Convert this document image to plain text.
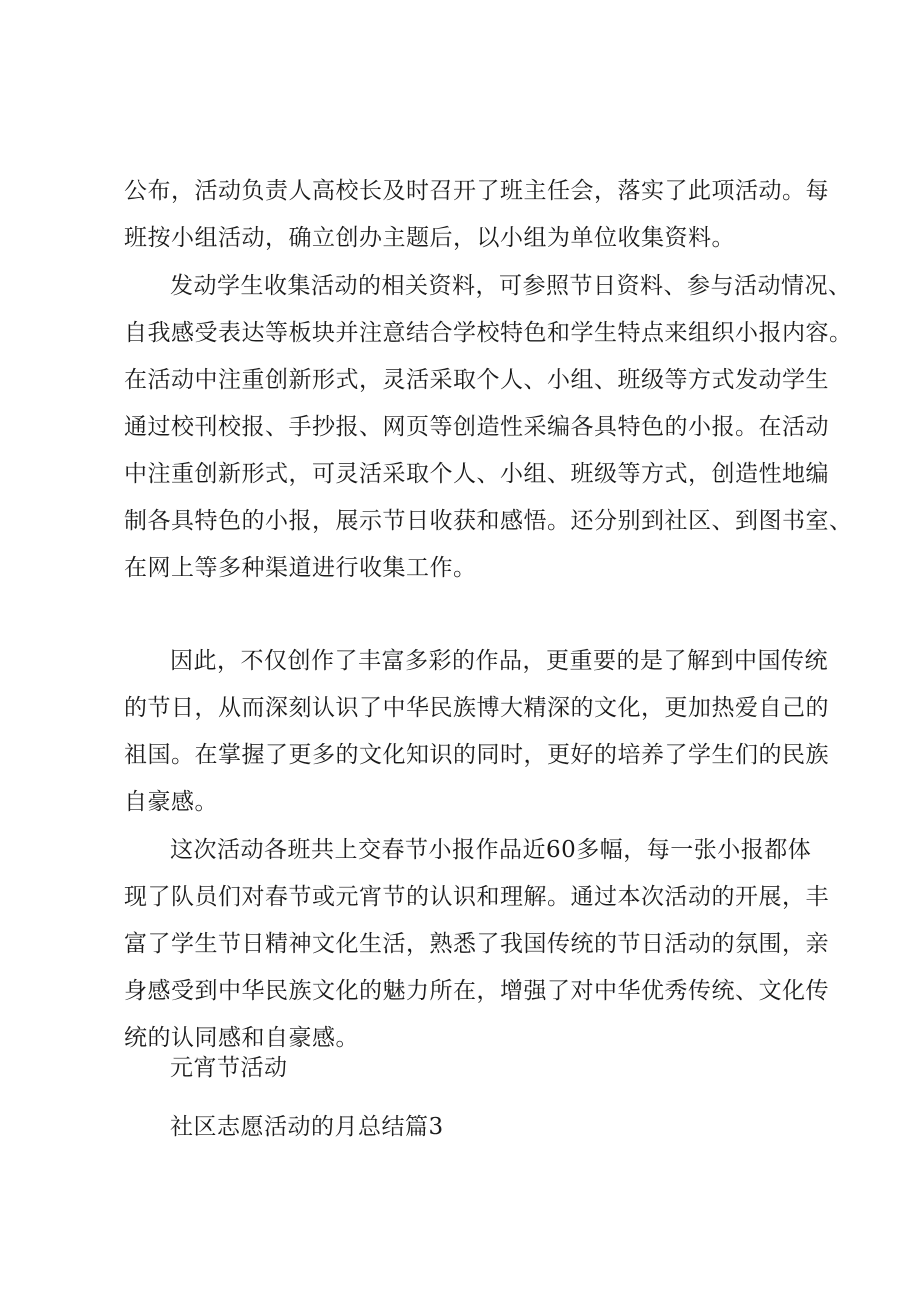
公布，活动负责人高校长及时召开了班主任会，落实了此项活动。每
班按小组活动，确立创办主题后，以小组为单位收集资料。
发动学生收集活动的相关资料，可参照节日资料、参与活动情况、
自我感受表达等板块并注意结合学校特色和学生特点来组织小报内容。
在活动中注重创新形式，灵活采取个人、小组、班级等方式发动学生
通过校刊校报、手抄报、网页等创造性采编各具特色的小报。在活动
中注重创新形式，可灵活采取个人、小组、班级等方式，创造性地编
制各具特色的小报，展示节日收获和感悟。还分别到社区、到图书室、
在网上等多种渠道进行收集工作。
因此，不仅创作了丰富多彩的作品，更重要的是了解到中国传统
的节日，从而深刻认识了中华民族博大精深的文化，更加热爱自己的
祖国。在掌握了更多的文化知识的同时，更好的培养了学生们的民族
自豪感。
这次活动各班共上交春节小报作品近60多幅，每一张小报都体
现了队员们对春节或元宵节的认识和理解。通过本次活动的开展，丰
富了学生节日精神文化生活，熟悉了我国传统的节日活动的氛围，亲
身感受到中华民族文化的魅力所在，增强了对中华优秀传统、文化传
统的认同感和自豪感。
元宵节活动
社区志愿活动的月总结篇3
